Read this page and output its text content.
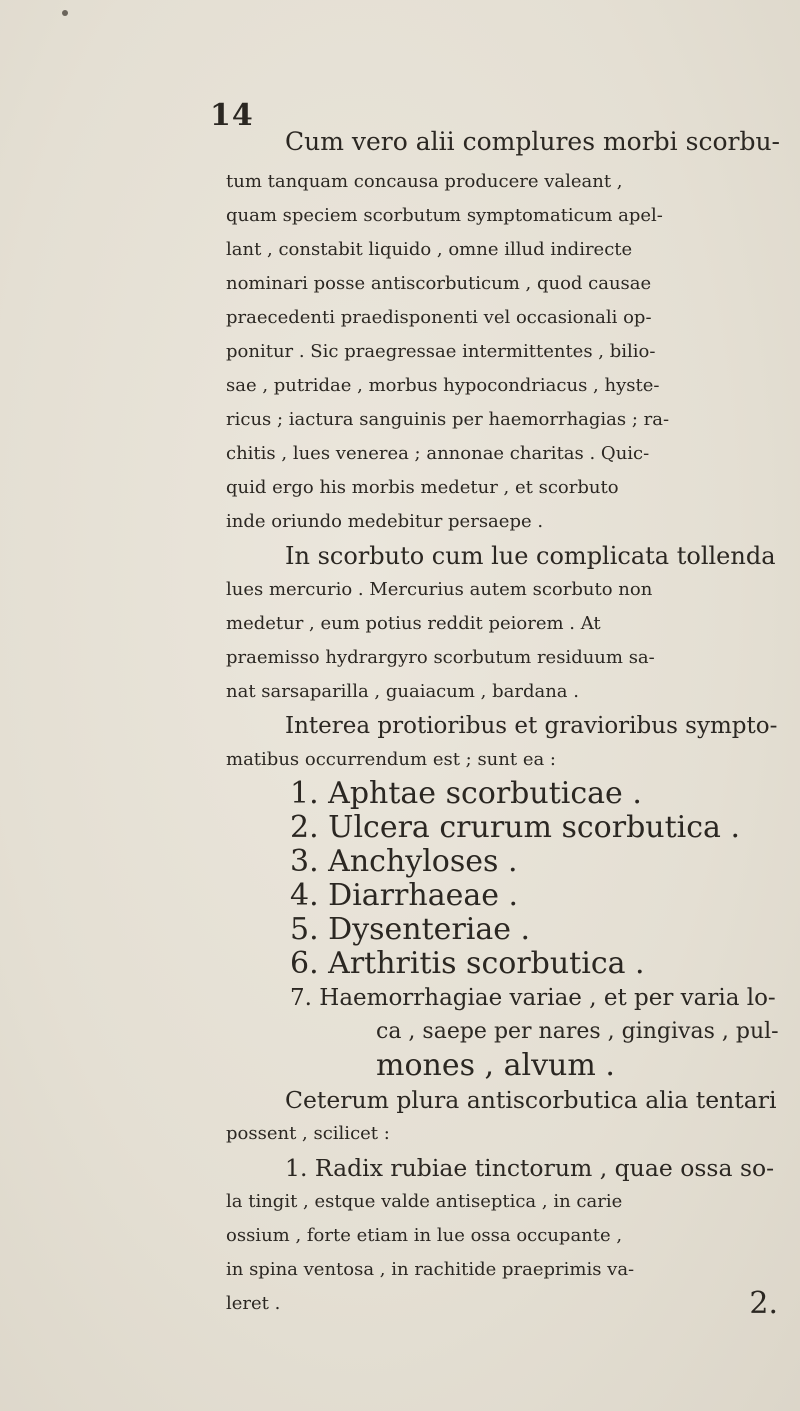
14
Cum vero alii complures morbi scorbu-
tum tanquam concausa producere valeant ,
quam speciem scorbutum symptomaticum apel-
lant , constabit liquido , omne illud indirecte
nominari posse antiscorbuticum , quod causae
praecedenti praedisponenti vel occasionali op-
ponitur . Sic praegressae intermittentes , bilio-
sae , putridae , morbus hypocondriacus , hyste-
ricus ; iactura sanguinis per haemorrhagias ; ra-
chitis , lues venerea ; annonae charitas . Quic-
quid ergo his morbis medetur , et scorbuto
inde oriundo medebitur persaepe .
In scorbuto cum lue complicata tollenda
lues mercurio . Mercurius autem scorbuto non
medetur , eum potius reddit peiorem . At
praemisso hydrargyro scorbutum residuum sa-
nat sarsaparilla , guaiacum , bardana .
Interea protioribus et gravioribus sympto-
matibus occurrendum est ; sunt ea :
1. Aphtae scorbuticae .
2. Ulcera crurum scorbutica .
3. Anchyloses .
4. Diarrhaeae .
5. Dysenteriae .
6. Arthritis scorbutica .
7. Haemorrhagiae variae , et per varia lo-
ca , saepe per nares , gingivas , pul-
mones , alvum .
Ceterum plura antiscorbutica alia tentari
possent , scilicet :
1. Radix rubiae tinctorum , quae ossa so-
la tingit , estque valde antiseptica , in carie
ossium , forte etiam in lue ossa occupante ,
in spina ventosa , in rachitide praeprimis va-
leret .	2.
